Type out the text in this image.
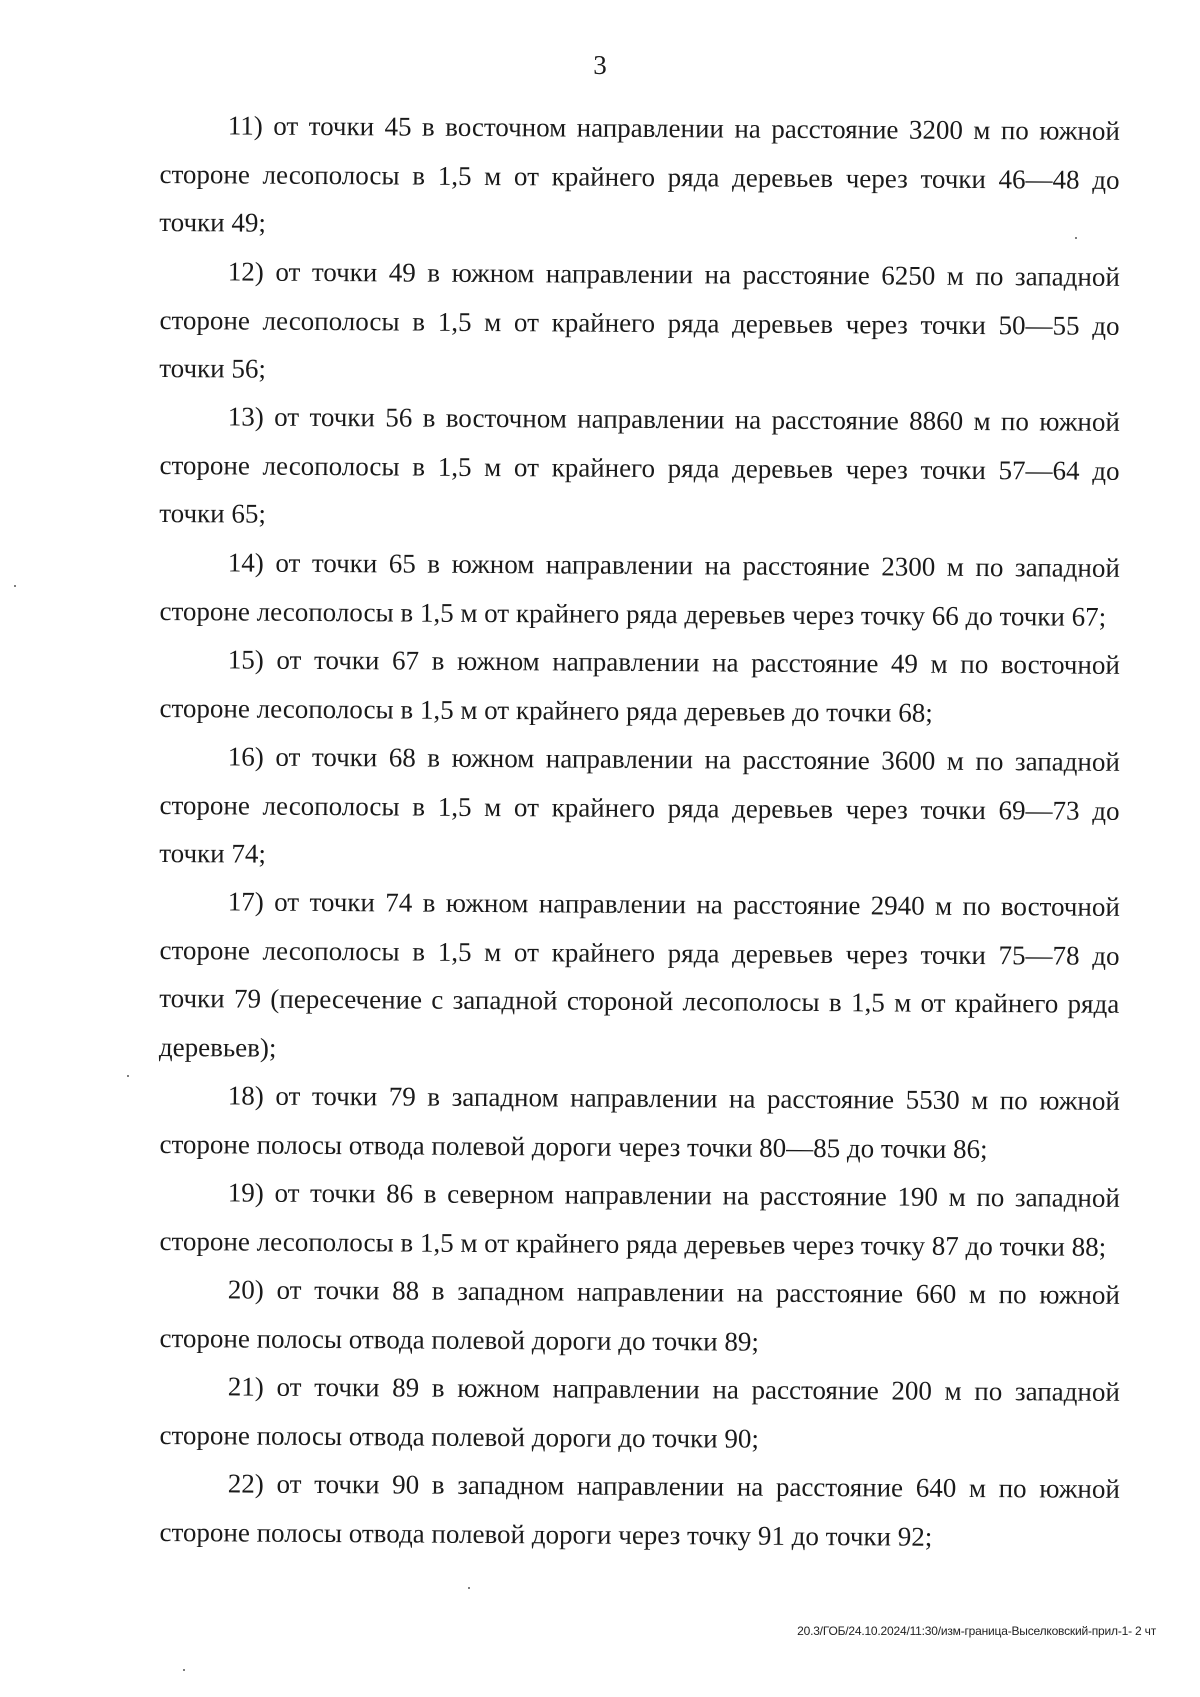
3

11) от точки 45 в восточном направлении на расстояние 3200 м по южной стороне лесополосы в 1,5 м от крайнего ряда деревьев через точки 46—48 до точки 49;

12) от точки 49 в южном направлении на расстояние 6250 м по западной стороне лесополосы в 1,5 м от крайнего ряда деревьев через точки 50—55 до точки 56;

13) от точки 56 в восточном направлении на расстояние 8860 м по южной стороне лесополосы в 1,5 м от крайнего ряда деревьев через точки 57—64 до точки 65;

14) от точки 65 в южном направлении на расстояние 2300 м по западной стороне лесополосы в 1,5 м от крайнего ряда деревьев через точку 66 до точки 67;

15) от точки 67 в южном направлении на расстояние 49 м по восточной стороне лесополосы в 1,5 м от крайнего ряда деревьев до точки 68;

16) от точки 68 в южном направлении на расстояние 3600 м по западной стороне лесополосы в 1,5 м от крайнего ряда деревьев через точки 69—73 до точки 74;

17) от точки 74 в южном направлении на расстояние 2940 м по восточной стороне лесополосы в 1,5 м от крайнего ряда деревьев через точки 75—78 до точки 79 (пересечение с западной стороной лесополосы в 1,5 м от крайнего ряда деревьев);

18) от точки 79 в западном направлении на расстояние 5530 м по южной стороне полосы отвода полевой дороги через точки 80—85 до точки 86;

19) от точки 86 в северном направлении на расстояние 190 м по западной стороне лесополосы в 1,5 м от крайнего ряда деревьев через точку 87 до точки 88;

20) от точки 88 в западном направлении на расстояние 660 м по южной стороне полосы отвода полевой дороги до точки 89;

21) от точки 89 в южном направлении на расстояние 200 м по западной стороне полосы отвода полевой дороги до точки 90;

22) от точки 90 в западном направлении на расстояние 640 м по южной стороне полосы отвода полевой дороги через точку 91 до точки 92;

20.3/ГОБ/24.10.2024/11:30/изм-граница-Выселковский-прил-1- 2 чт
